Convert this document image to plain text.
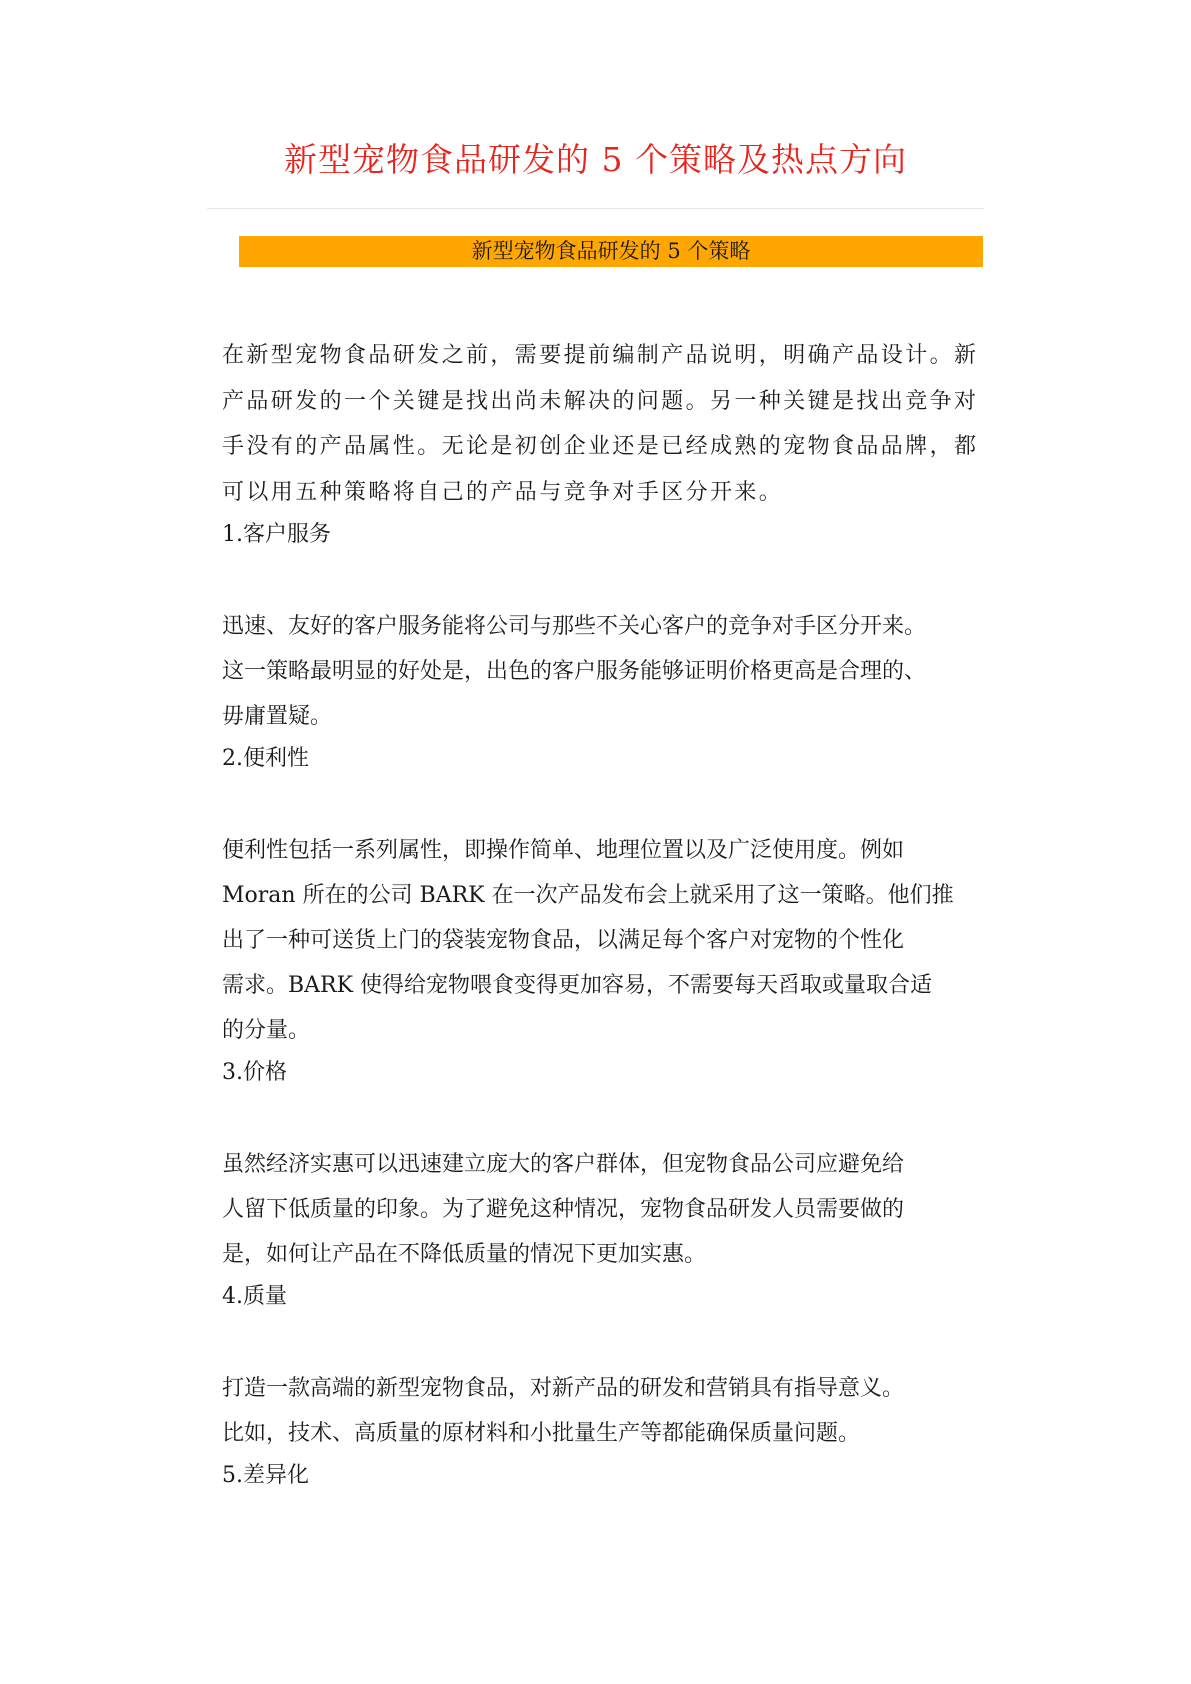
新型宠物食品研发的 5 个策略及热点方向
新型宠物食品研发的 5 个策略

在新型宠物食品研发之前，需要提前编制产品说明，明确产品设计。新
产品研发的一个关键是找出尚未解决的问题。另一种关键是找出竞争对
手没有的产品属性。无论是初创企业还是已经成熟的宠物食品品牌，都
可以用五种策略将自己的产品与竞争对手区分开来。

1.客户服务

迅速、友好的客户服务能将公司与那些不关心客户的竞争对手区分开来。
这一策略最明显的好处是，出色的客户服务能够证明价格更高是合理的、
毋庸置疑。

2.便利性

便利性包括一系列属性，即操作简单、地理位置以及广泛使用度。例如
Moran 所在的公司 BARK 在一次产品发布会上就采用了这一策略。他们推
出了一种可送货上门的袋装宠物食品，以满足每个客户对宠物的个性化
需求。BARK 使得给宠物喂食变得更加容易，不需要每天舀取或量取合适
的分量。

3.价格

虽然经济实惠可以迅速建立庞大的客户群体，但宠物食品公司应避免给
人留下低质量的印象。为了避免这种情况，宠物食品研发人员需要做的
是，如何让产品在不降低质量的情况下更加实惠。

4.质量

打造一款高端的新型宠物食品，对新产品的研发和营销具有指导意义。
比如，技术、高质量的原材料和小批量生产等都能确保质量问题。

5.差异化
